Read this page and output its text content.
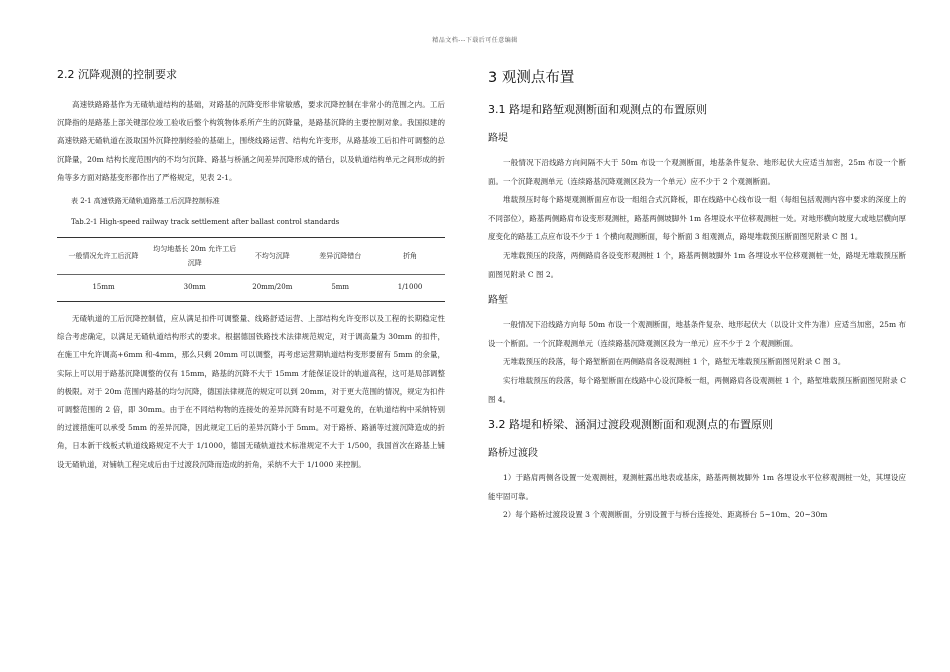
精品文档---下载后可任意编辑
2.2 沉降观测的控制要求

高速铁路路基作为无碴轨道结构的基础，对路基的沉降变形非常敏感，要求沉降控制在非常小的范围之内。工后沉降指的是路基上部关键部位竣工验收后整个构筑物体系所产生的沉降量，是路基沉降的主要控制对象。我国拟建的高速铁路无碴轨道在汲取国外沉降控制经验的基础上，围绕线路运营、结构允许变形，从路基竣工后扣件可调整的总沉降量，20m 结构长度范围内的不均匀沉降、路基与桥涵之间差异沉降形成的错台，以及轨道结构单元之间形成的折角等多方面对路基变形都作出了严格规定，见表 2-1。

表 2-1 高速铁路无碴轨道路基工后沉降控制标准
Tab.2-1 High-speed railway track settlement after ballast control standards
一般情况允许工后沉降	均匀地基长 20m 允许工后沉降	不均匀沉降	差异沉降错台	折角
15mm	30mm	20mm/20m	5mm	1/1000

无碴轨道的工后沉降控制值，应从满足扣件可调整量、线路舒适运营、上部结构允许变形以及工程的长期稳定性综合考虑确定，以满足无碴轨道结构形式的要求。根据德国铁路技术法律规范规定，对于调高量为 30mm 的扣件，在施工中允许调高+6mm 和-4mm，那么只剩 20mm 可以调整，再考虑运营期轨道结构变形要留有 5mm 的余量，实际上可以用于路基沉降调整的仅有 15mm，路基的沉降不大于 15mm 才能保证设计的轨道高程，这可是局部调整的极限。对于 20m 范围内路基的均匀沉降，德国法律规范的规定可以到 20mm，对于更大范围的情况，规定为扣件可调整范围的 2 倍，即 30mm。由于在不同结构物的连接处的差异沉降有时是不可避免的，在轨道结构中采纳特别的过渡措施可以承受 5mm 的差异沉降，因此规定工后的差异沉降小于 5mm。对于路桥、路涵等过渡沉降造成的折角，日本新干线板式轨道线路规定不大于 1/1000，德国无碴轨道技术标准规定不大于 1/500，我国首次在路基上铺设无碴轨道，对铺轨工程完成后由于过渡段沉降而造成的折角，采纳不大于 1/1000 来控制。

3 观测点布置
3.1 路堤和路堑观测断面和观测点的布置原则
路堤

一般情况下沿线路方向间隔不大于 50m 布设一个观测断面，地基条件复杂、地形起伏大应适当加密，25m 布设一个断面。一个沉降观测单元（连续路基沉降观测区段为一个单元）应不少于 2 个观测断面。

堆载预压时每个路堤观测断面应布设一组组合式沉降板，即在线路中心线布设一组（每组包括观测内容中要求的深度上的不同部位），路基两侧路肩布设变形观测桩，路基两侧坡脚外 1m 各埋设水平位移观测桩一处。对地形横向坡度大或地层横向厚度变化的路基工点应布设不少于 1 个横向观测断面，每个断面 3 组观测点，路堤堆载预压断面图见附录 C 图 1。

无堆载预压的段落，两侧路肩各设变形观测桩 1 个，路基两侧坡脚外 1m 各埋设水平位移观测桩一处，路堤无堆载预压断面图见附录 C 图 2。

路堑

一般情况下沿线路方向每 50m 布设一个观测断面，地基条件复杂、地形起伏大（以设计文件为准）应适当加密，25m 布设一个断面。一个沉降观测单元（连续路基沉降观测区段为一单元）应不少于 2 个观测断面。

无堆载预压的段落，每个路堑断面在两侧路肩各设观测桩 1 个，路堑无堆载预压断面图见附录 C 图 3。

实行堆载预压的段落，每个路堑断面在线路中心设沉降板一组，两侧路肩各设观测桩 1 个，路堑堆载预压断面图见附录 C 图 4。

3.2 路堤和桥梁、涵洞过渡段观测断面和观测点的布置原则
路桥过渡段

1）于路肩两侧各设置一处观测桩，观测桩露出地表或基床，路基两侧坡脚外 1m 各埋设水平位移观测桩一处，其埋设应能牢固可靠。

2）每个路桥过渡段设置 3 个观测断面，分别设置于与桥台连接处、距离桥台 5~10m、20~30m
